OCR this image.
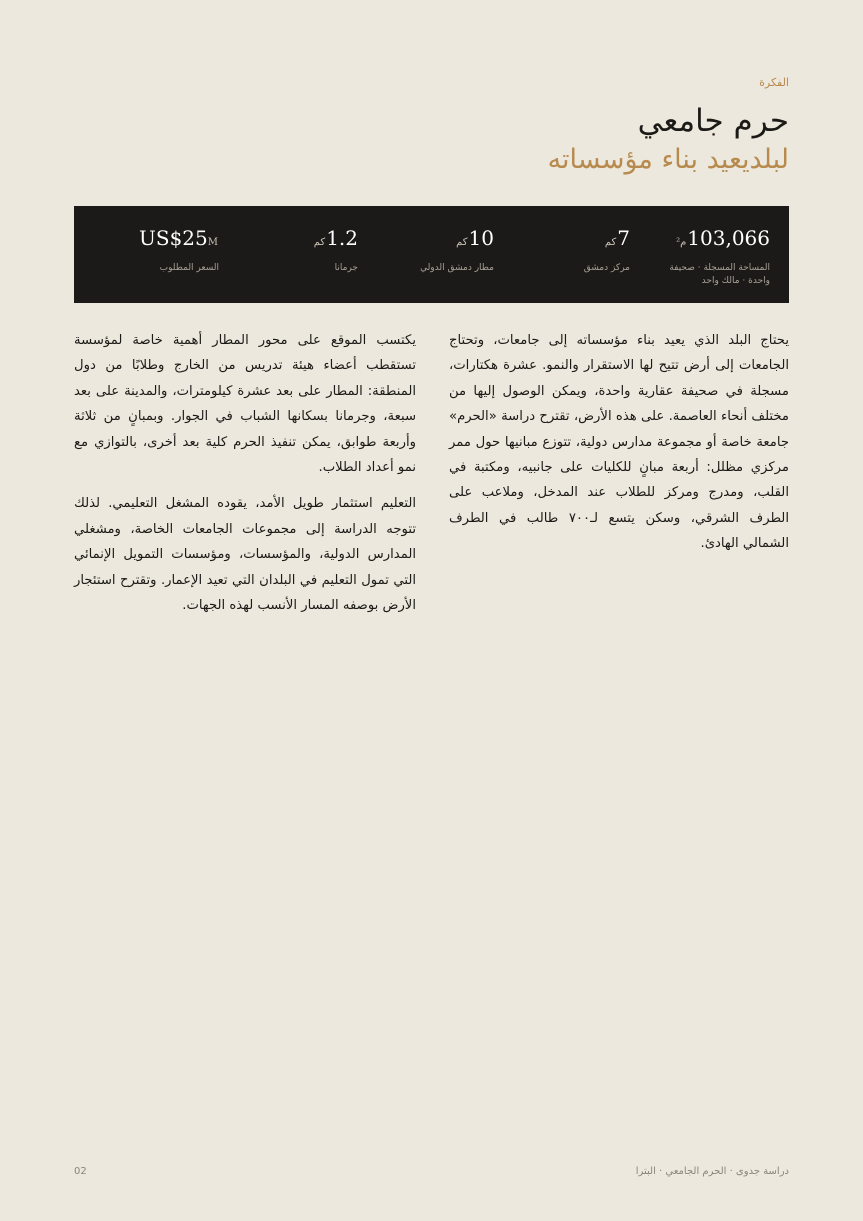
الفكرة
حرم جامعي
لبلديعيد بناء مؤسساته
103,066م²
المساحة المسجلة · صحيفة واحدة · مالك واحد
7كم
مركز دمشق
10كم
مطار دمشق الدولي
1.2كم
جرمانا
US$25M
السعر المطلوب

يحتاج البلد الذي يعيد بناء مؤسساته إلى جامعات، وتحتاج الجامعات إلى أرض تتيح لها الاستقرار والنمو. عشرة هكتارات، مسجلة في صحيفة عقارية واحدة، ويمكن الوصول إليها من مختلف أنحاء العاصمة. على هذه الأرض، تقترح دراسة «الحرم» جامعة خاصة أو مجموعة مدارس دولية، تتوزع مبانيها حول ممر مركزي مظلل: أربعة مبانٍ للكليات على جانبيه، ومكتبة في القلب، ومدرج ومركز للطلاب عند المدخل، وملاعب على الطرف الشرقي، وسكن يتسع لـ٧٠٠ طالب في الطرف الشمالي الهادئ.

يكتسب الموقع على محور المطار أهمية خاصة لمؤسسة تستقطب أعضاء هيئة تدريس من الخارج وطلابًا من دول المنطقة: المطار على بعد عشرة كيلومترات، والمدينة على بعد سبعة، وجرمانا بسكانها الشباب في الجوار. وبمبانٍ من ثلاثة وأربعة طوابق، يمكن تنفيذ الحرم كلية بعد أخرى، بالتوازي مع نمو أعداد الطلاب.

التعليم استثمار طويل الأمد، يقوده المشغل التعليمي. لذلك تتوجه الدراسة إلى مجموعات الجامعات الخاصة، ومشغلي المدارس الدولية، والمؤسسات، ومؤسسات التمويل الإنمائي التي تمول التعليم في البلدان التي تعيد الإعمار. وتقترح استئجار الأرض بوصفه المسار الأنسب لهذه الجهات.

دراسة جدوى · الحرم الجامعي · البترا
02
